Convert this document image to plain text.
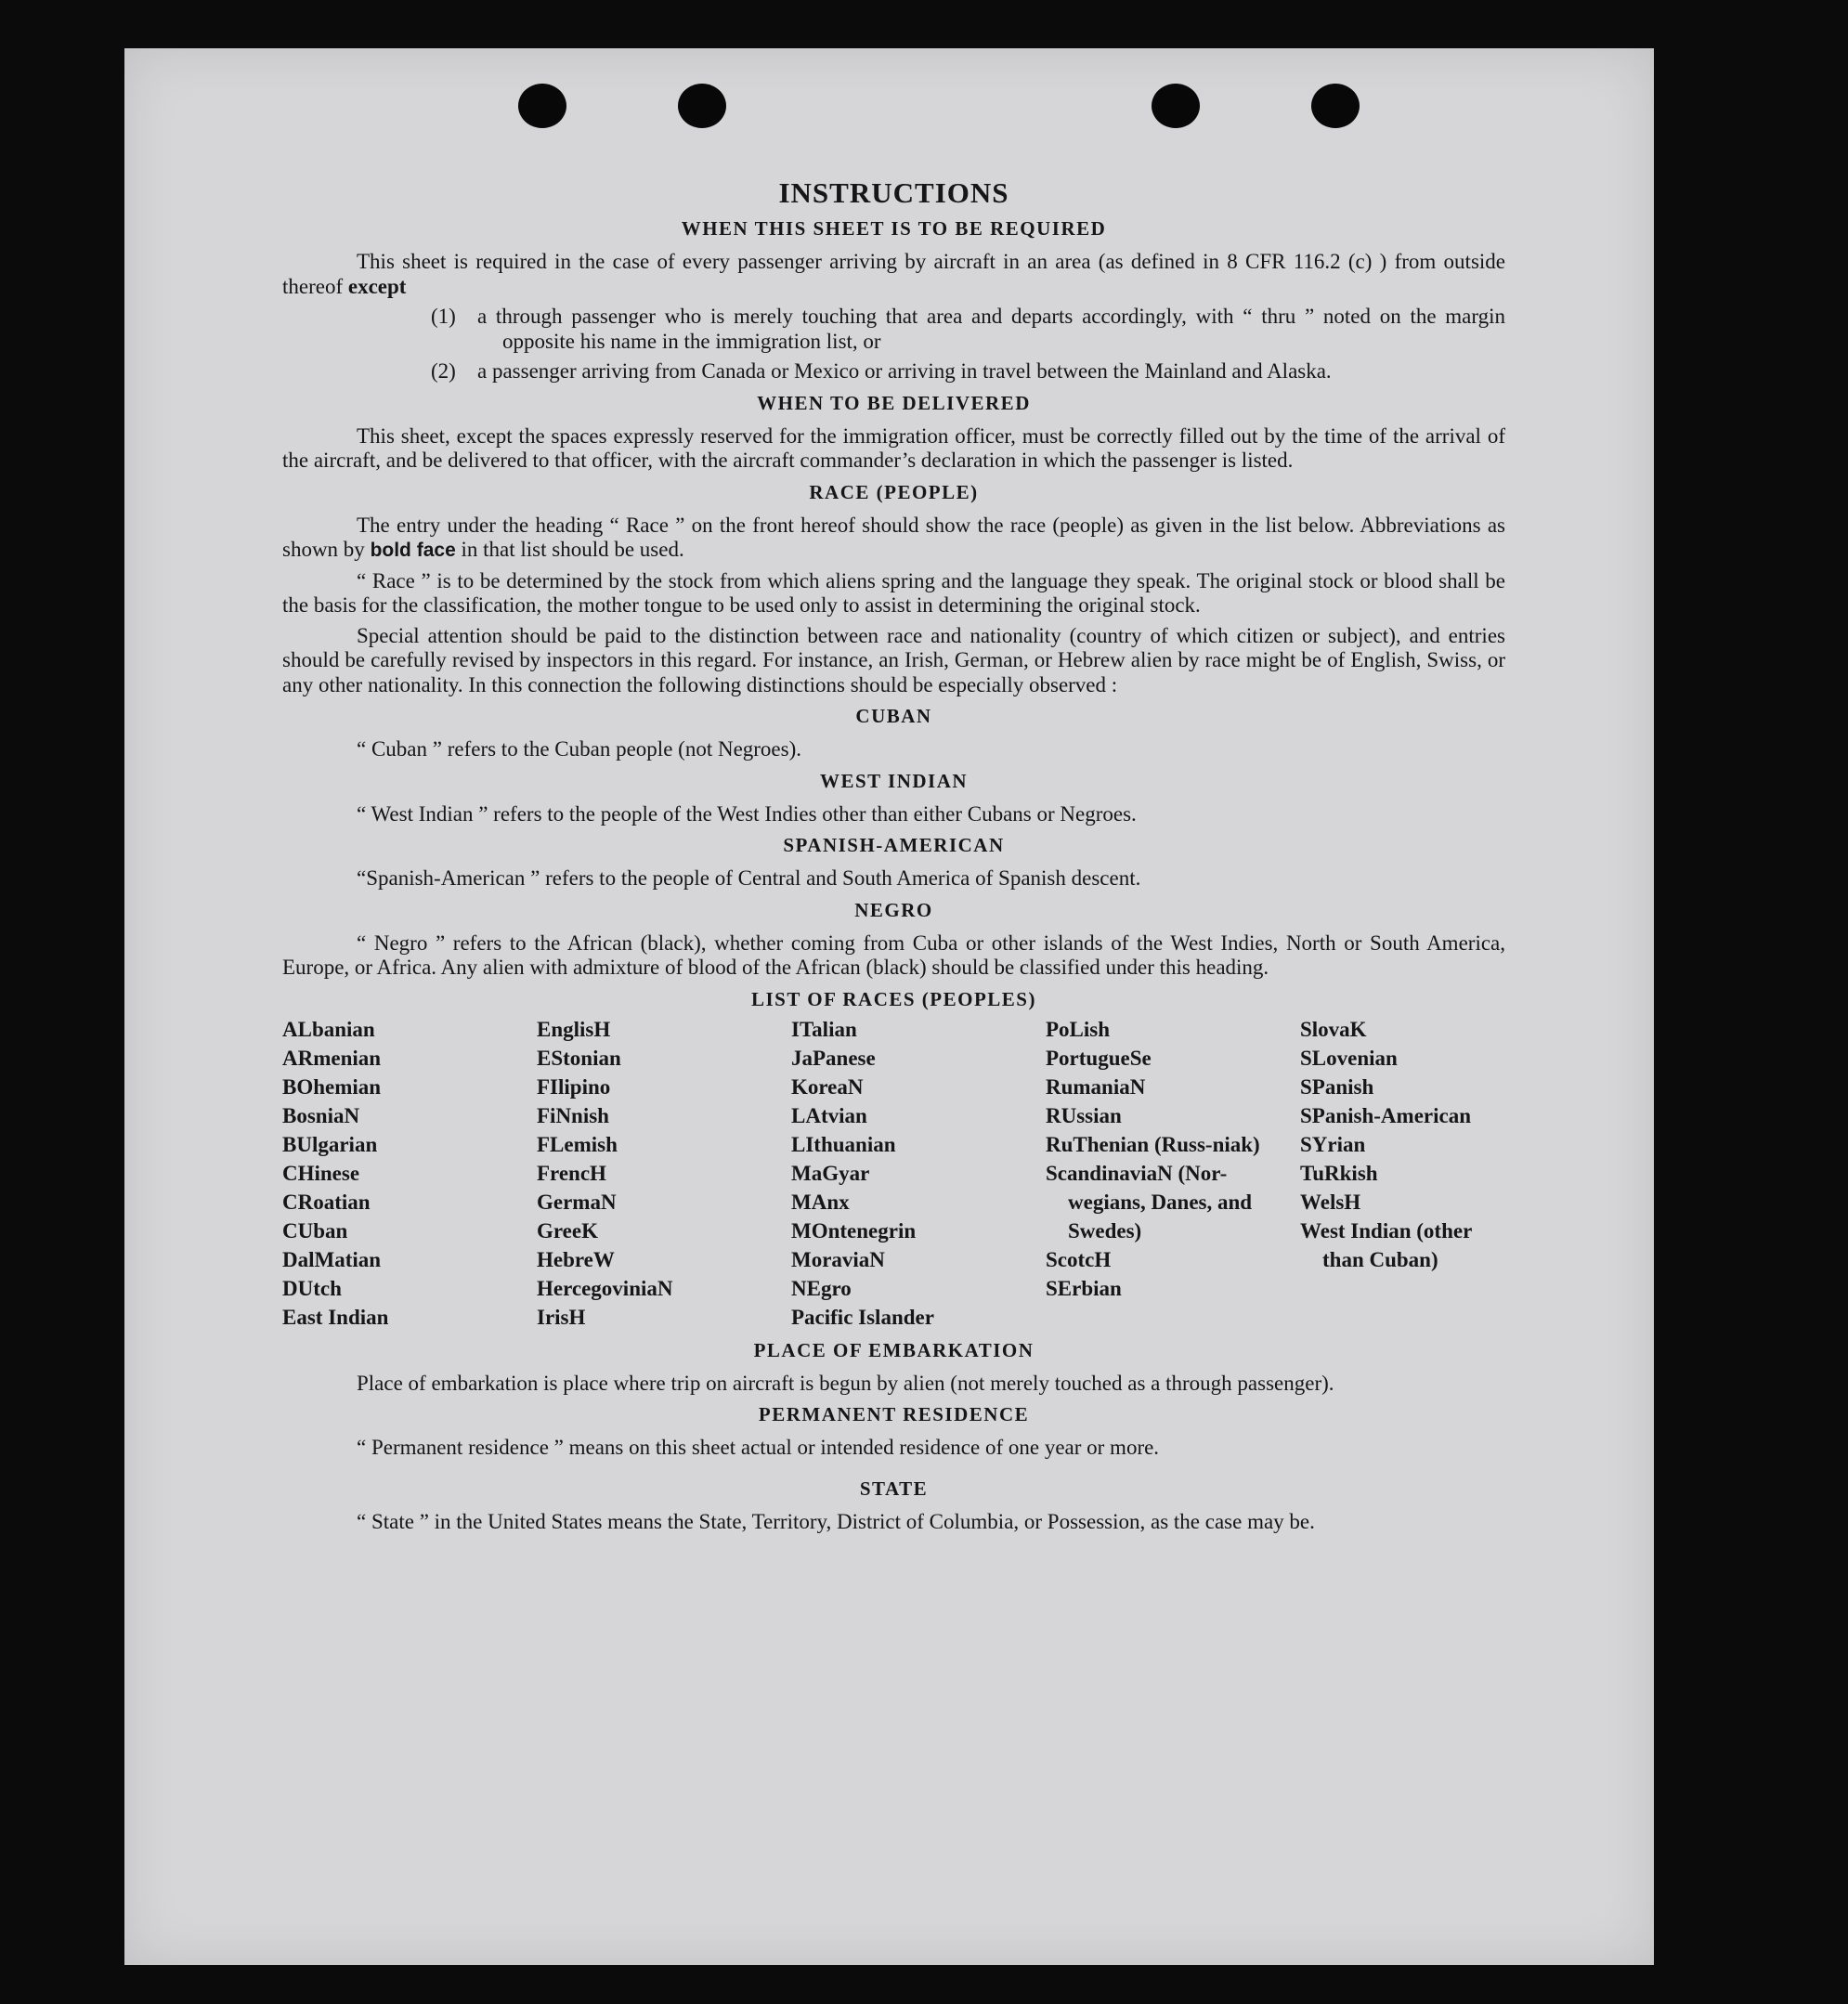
INSTRUCTIONS
WHEN THIS SHEET IS TO BE REQUIRED

This sheet is required in the case of every passenger arriving by aircraft in an area (as defined in 8 CFR 116.2 (c) ) from outside thereof except

(1)	a through passenger who is merely touching that area and departs accordingly, with “ thru ” noted on the margin opposite his name in the immigration list, or
(2)	a passenger arriving from Canada or Mexico or arriving in travel between the Mainland and Alaska.
WHEN TO BE DELIVERED

This sheet, except the spaces expressly reserved for the immigration officer, must be correctly filled out by the time of the arrival of the aircraft, and be delivered to that officer, with the aircraft commander’s declaration in which the passenger is listed.

RACE (PEOPLE)

The entry under the heading “ Race ” on the front hereof should show the race (people) as given in the list below. Abbreviations as shown by bold face in that list should be used.

“ Race ” is to be determined by the stock from which aliens spring and the language they speak. The original stock or blood shall be the basis for the classification, the mother tongue to be used only to assist in determining the original stock.

Special attention should be paid to the distinction between race and nationality (country of which citizen or subject), and entries should be carefully revised by inspectors in this regard. For instance, an Irish, German, or Hebrew alien by race might be of English, Swiss, or any other nationality. In this connection the following distinctions should be especially observed :

CUBAN

“ Cuban ” refers to the Cuban people (not Negroes).

WEST INDIAN

“ West Indian ” refers to the people of the West Indies other than either Cubans or Negroes.

SPANISH-AMERICAN

“Spanish-American ” refers to the people of Central and South America of Spanish descent.

NEGRO

“ Negro ” refers to the African (black), whether coming from Cuba or other islands of the West Indies, North or South America, Europe, or Africa. Any alien with admixture of blood of the African (black) should be classified under this heading.

LIST OF RACES (PEOPLES)
ALbanian
ARmenian
BOhemian
BosniaN
BUlgarian
CHinese
CRoatian
CUban
DalMatian
DUtch
East Indian
EnglisH
EStonian
FIlipino
FiNnish
FLemish
FrencH
GermaN
GreeK
HebreW
HercegoviniaN
IrisH
ITalian
JaPanese
KoreaN
LAtvian
LIthuanian
MaGyar
MAnx
MOntenegrin
MoraviaN
NEgro
Pacific Islander
PoLish
PortugueSe
RumaniaN
RUssian
RuThenian (Russ-niak)
ScandinaviaN (Nor-wegians, Danes, and Swedes)
ScotcH
SErbian
SlovaK
SLovenian
SPanish
SPanish-American
SYrian
TuRkish
WelsH
West Indian (other than Cuban)
PLACE OF EMBARKATION

Place of embarkation is place where trip on aircraft is begun by alien (not merely touched as a through passenger).

PERMANENT RESIDENCE

“ Permanent residence ” means on this sheet actual or intended residence of one year or more.

STATE

“ State ” in the United States means the State, Territory, District of Columbia, or Possession, as the case may be.
